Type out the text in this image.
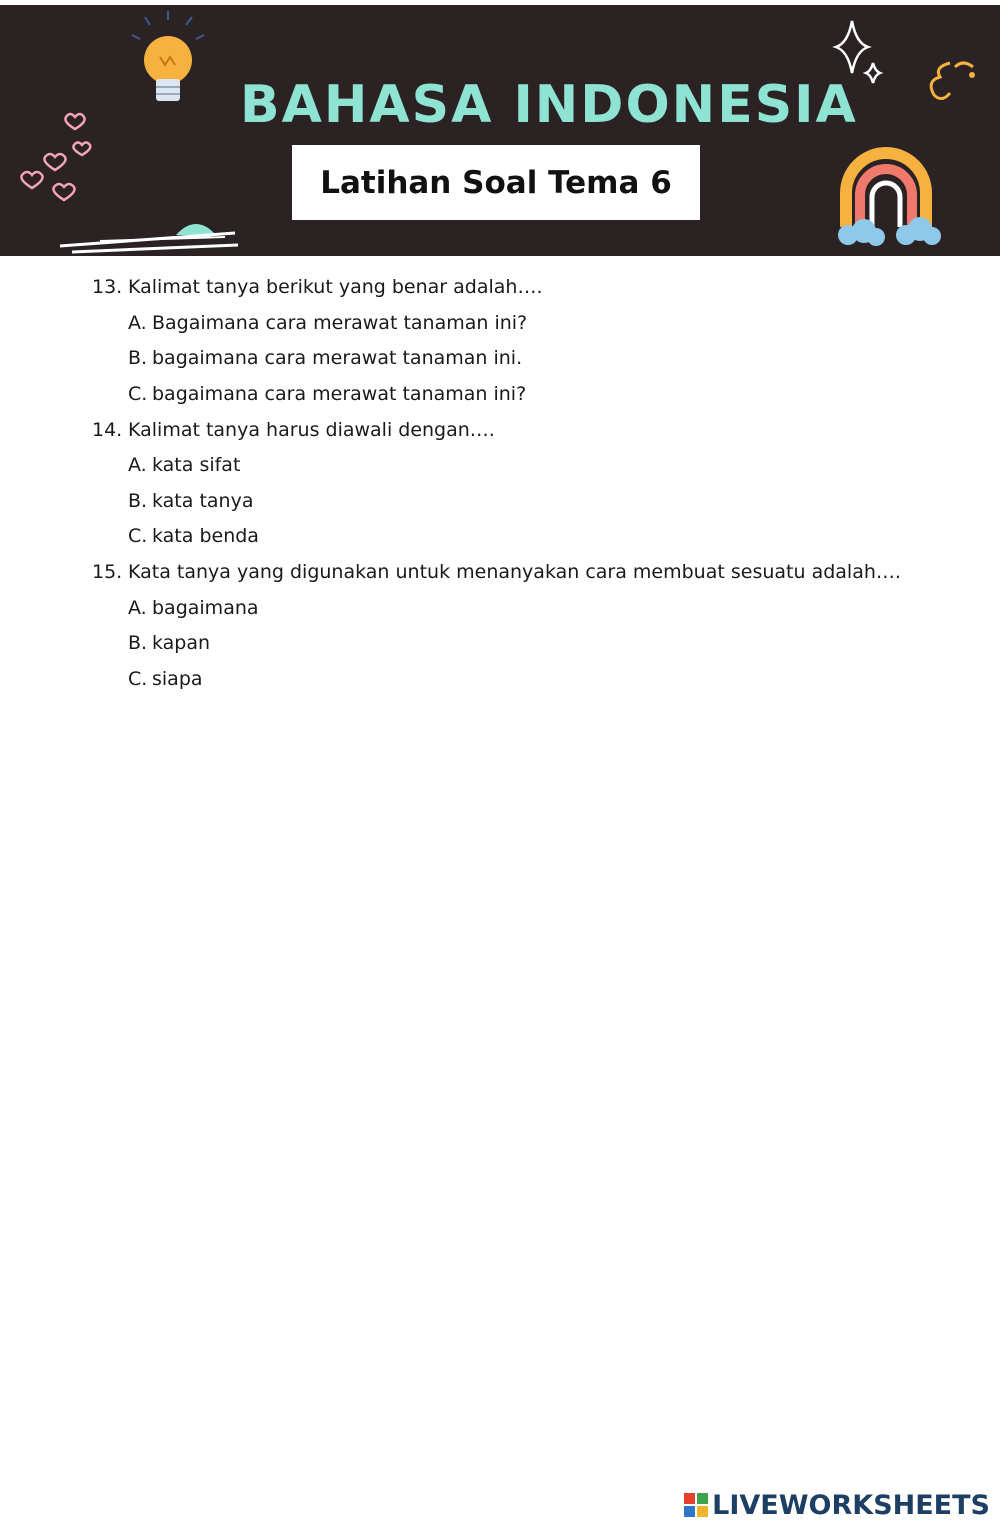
BAHASA INDONESIA
Latihan Soal Tema 6
13. Kalimat tanya berikut yang benar adalah….
A. Bagaimana cara merawat tanaman ini?
B. bagaimana cara merawat tanaman ini.
C. bagaimana cara merawat tanaman ini?
14. Kalimat tanya harus diawali dengan….
A. kata sifat
B. kata tanya
C. kata benda
15. Kata tanya yang digunakan untuk menanyakan cara membuat sesuatu adalah….
A. bagaimana
B. kapan
C. siapa
LIVEWORKSHEETS
